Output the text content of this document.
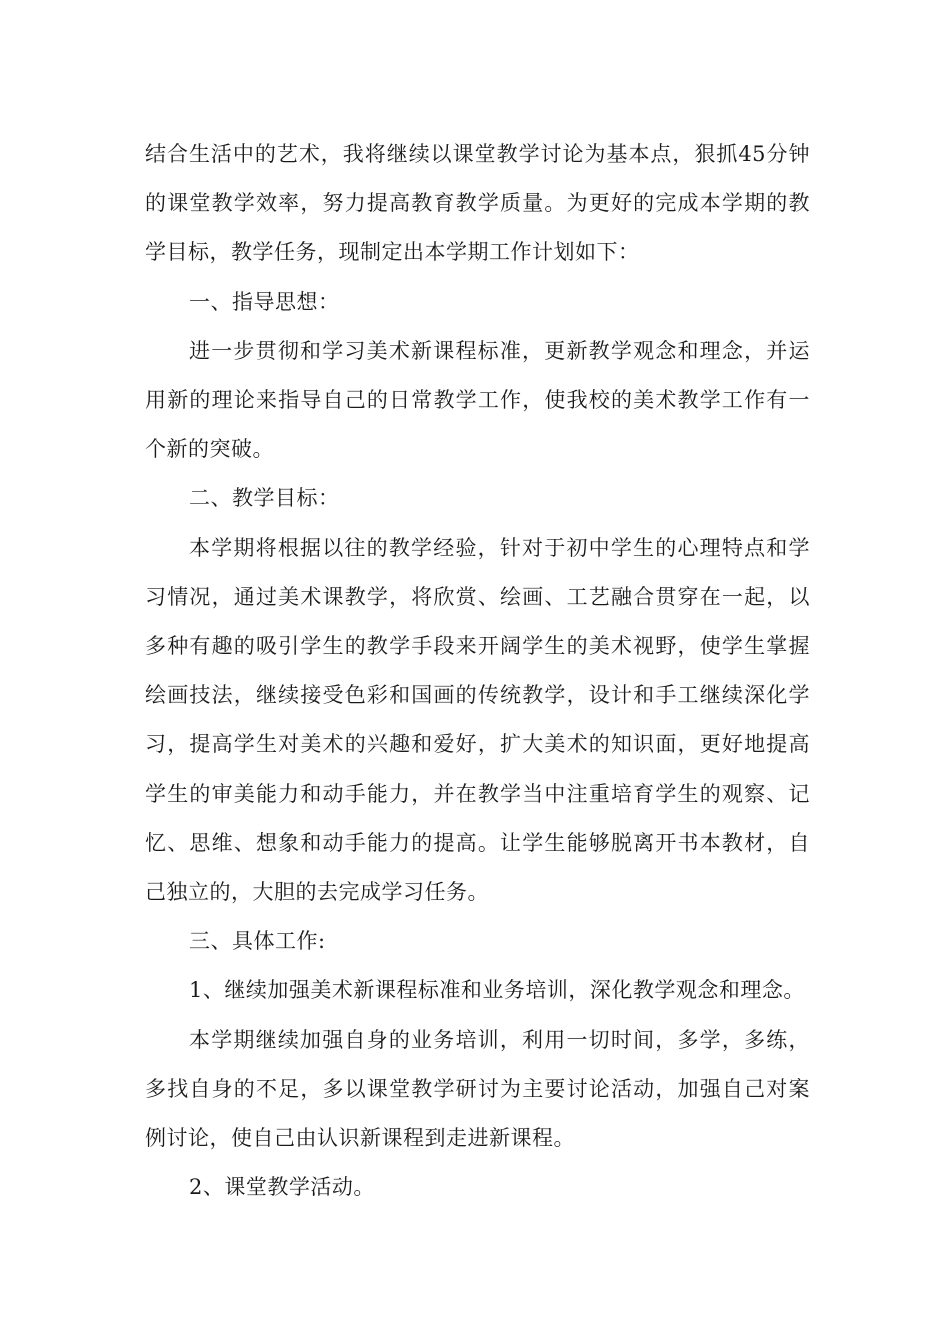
结合生活中的艺术，我将继续以课堂教学讨论为基本点，狠抓45分钟的课堂教学效率，努力提高教育教学质量。为更好的完成本学期的教学目标，教学任务，现制定出本学期工作计划如下：

一、指导思想：

进一步贯彻和学习美术新课程标准，更新教学观念和理念，并运用新的理论来指导自己的日常教学工作，使我校的美术教学工作有一个新的突破。

二、教学目标：

本学期将根据以往的教学经验，针对于初中学生的心理特点和学习情况，通过美术课教学，将欣赏、绘画、工艺融合贯穿在一起，以多种有趣的吸引学生的教学手段来开阔学生的美术视野，使学生掌握绘画技法，继续接受色彩和国画的传统教学，设计和手工继续深化学习，提高学生对美术的兴趣和爱好，扩大美术的知识面，更好地提高学生的审美能力和动手能力，并在教学当中注重培育学生的观察、记忆、思维、想象和动手能力的提高。让学生能够脱离开书本教材，自己独立的，大胆的去完成学习任务。

三、具体工作:

1、继续加强美术新课程标准和业务培训，深化教学观念和理念。

本学期继续加强自身的业务培训，利用一切时间，多学，多练，多找自身的不足，多以课堂教学研讨为主要讨论活动，加强自己对案例讨论，使自己由认识新课程到走进新课程。

2、课堂教学活动。
